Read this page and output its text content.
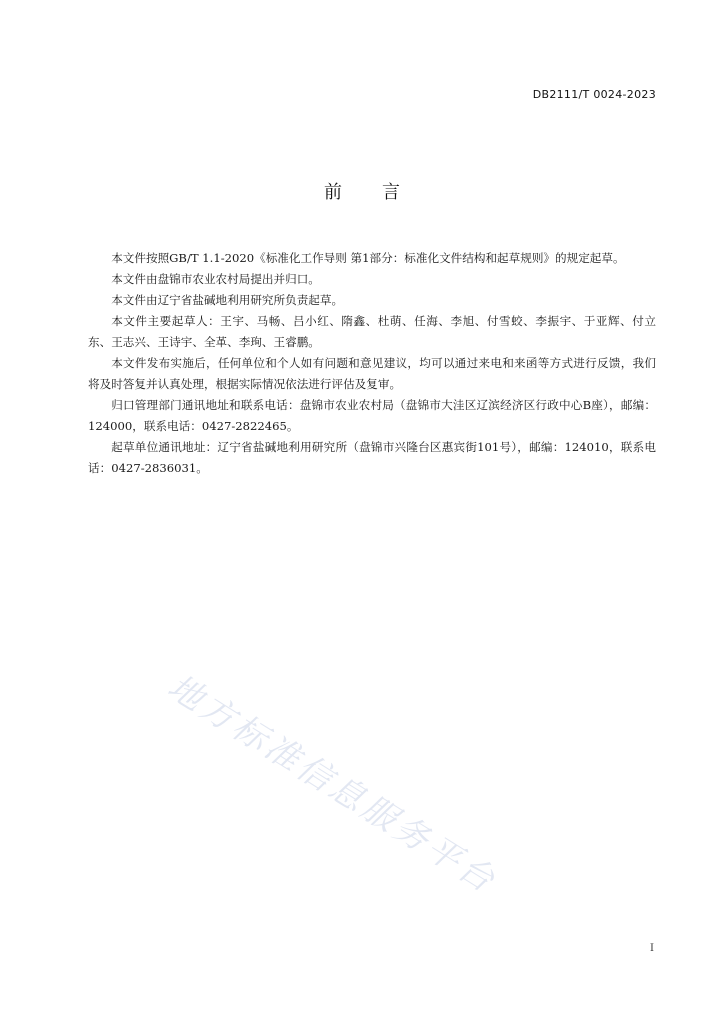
DB2111/T 0024-2023
前言

本文件按照GB/T 1.1-2020《标准化工作导则 第1部分：标准化文件结构和起草规则》的规定起草。

本文件由盘锦市农业农村局提出并归口。

本文件由辽宁省盐碱地利用研究所负责起草。

本文件主要起草人：王宇、马畅、吕小红、隋鑫、杜萌、任海、李旭、付雪蛟、李振宇、于亚辉、付立东、王志兴、王诗宇、全革、李珣、王睿鹏。

本文件发布实施后，任何单位和个人如有问题和意见建议，均可以通过来电和来函等方式进行反馈，我们将及时答复并认真处理，根据实际情况依法进行评估及复审。

归口管理部门通讯地址和联系电话：盘锦市农业农村局（盘锦市大洼区辽滨经济区行政中心B座），邮编：124000，联系电话：0427-2822465。

起草单位通讯地址：辽宁省盐碱地利用研究所（盘锦市兴隆台区惠宾街101号），邮编：124010，联系电话：0427-2836031。

地方标准信息服务平台
I
